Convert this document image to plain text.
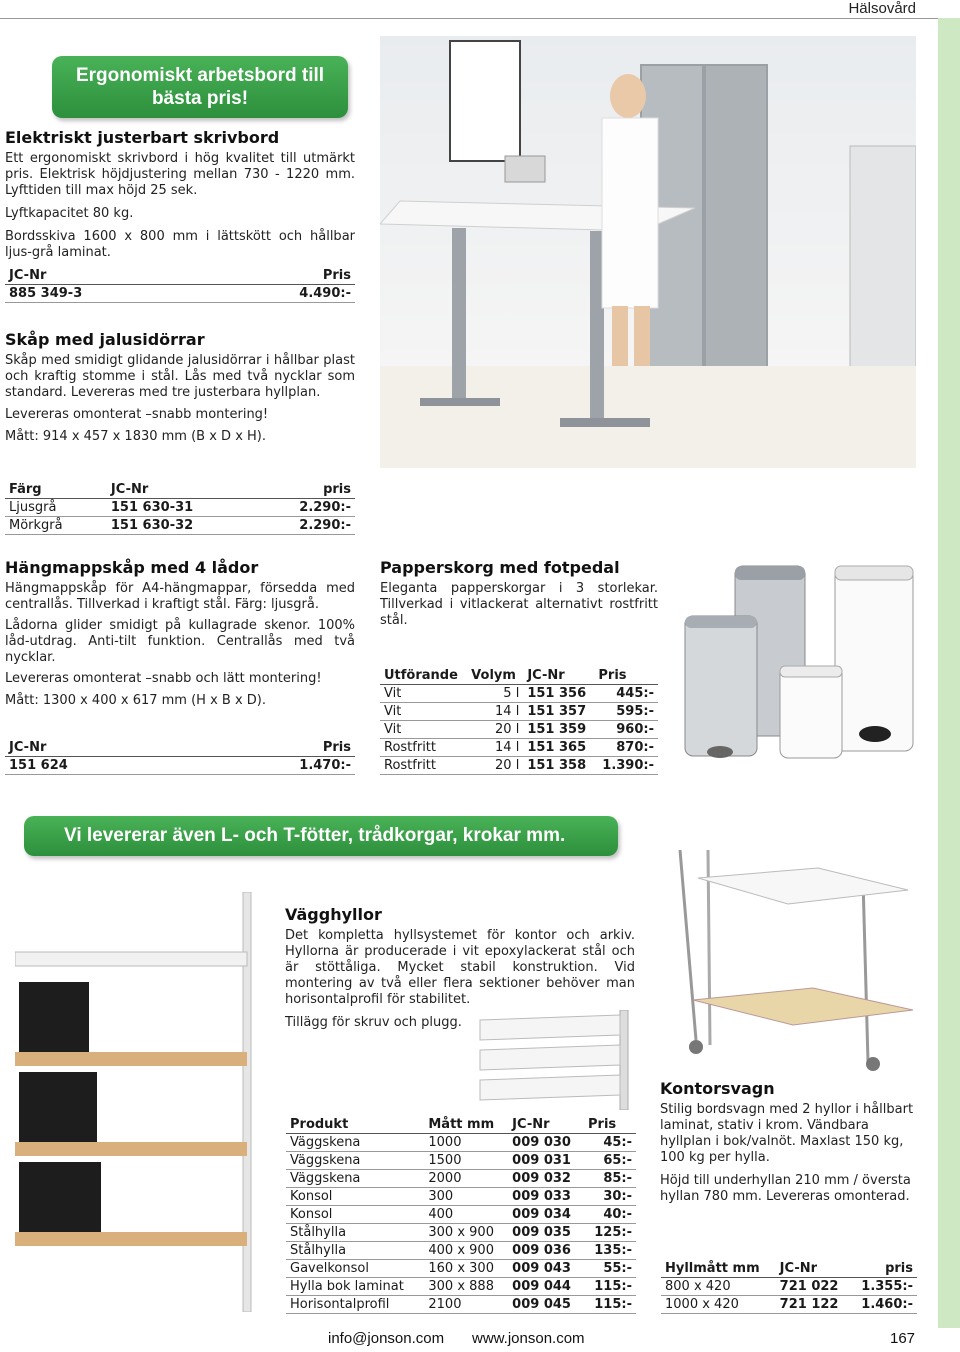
Hälsovård
Ergonomiskt arbetsbord till
bästa pris!
Elektriskt justerbart skrivbord

Ett ergonomiskt skrivbord i hög kvalitet till utmärkt pris. Elektrisk höjdjustering mellan 730 - 1220 mm. Lyfttiden till max höjd 25 sek.

Lyftkapacitet 80 kg.

Bordsskiva 1600 x 800 mm i lättskött och hållbar ljus-grå laminat.

JC-Nr	Pris
885 349-3	4.490:-
Skåp med jalusidörrar

Skåp med smidigt glidande jalusidörrar i hållbar plast och kraftig stomme i stål. Lås med två nycklar som standard. Levereras med tre justerbara hyllplan.

Levereras omonterat –snabb montering!

Mått: 914 x 457 x 1830 mm (B x D x H).

Färg	JC-Nr	pris
Ljusgrå	151 630-31	2.290:-
Mörkgrå	151 630-32	2.290:-
Hängmappskåp med 4 lådor

Hängmappskåp för A4-hängmappar, försedda med centrallås. Tillverkad i kraftigt stål. Färg: ljusgrå.

Lådorna glider smidigt på kullagrade skenor. 100% låd-utdrag. Anti-tilt funktion. Centrallås med två nycklar.

Levereras omonterat –snabb och lätt montering!

Mått: 1300 x 400 x 617 mm (H x B x D).

JC-Nr	Pris
151 624	1.470:-
Papperskorg med fotpedal

Eleganta papperskorgar i 3 storlekar. Tillverkad i vitlackerat alternativt rostfritt stål.

Utförande	Volym	JC-Nr	Pris
Vit	5 l	151 356	445:-
Vit	14 l	151 357	595:-
Vit	20 l	151 359	960:-
Rostfritt	14 l	151 365	870:-
Rostfritt	20 l	151 358	1.390:-
Vi levererar även L- och T-fötter, trådkorgar, krokar mm.
Vägghyllor

Det kompletta hyllsystemet för kontor och arkiv. Hyllorna är producerade i vit epoxylackerat stål och är stöttåliga. Mycket stabil konstruktion. Vid montering av två eller flera sektioner behöver man horisontalprofil för stabilitet.

Tillägg för skruv och plugg.

Produkt	Mått mm	JC-Nr	Pris
Väggskena	1000	009 030	45:-
Väggskena	1500	009 031	65:-
Väggskena	2000	009 032	85:-
Konsol	300	009 033	30:-
Konsol	400	009 034	40:-
Stålhylla	300 x 900	009 035	125:-
Stålhylla	400 x 900	009 036	135:-
Gavelkonsol	160 x 300	009 043	55:-
Hylla bok laminat	300 x 888	009 044	115:-
Horisontalprofil	2100	009 045	115:-
Kontorsvagn

Stilig bordsvagn med 2 hyllor i hållbart laminat, stativ i krom. Vändbara hyllplan i bok/valnöt. Maxlast 150 kg, 100 kg per hylla.

Höjd till underhyllan 210 mm / översta hyllan 780 mm. Levereras omonterad.

Hyllmått mm	JC-Nr	pris
800 x 420	721 022	1.355:-
1000 x 420	721 122	1.460:-
info@jonson.com www.jonson.com	167
